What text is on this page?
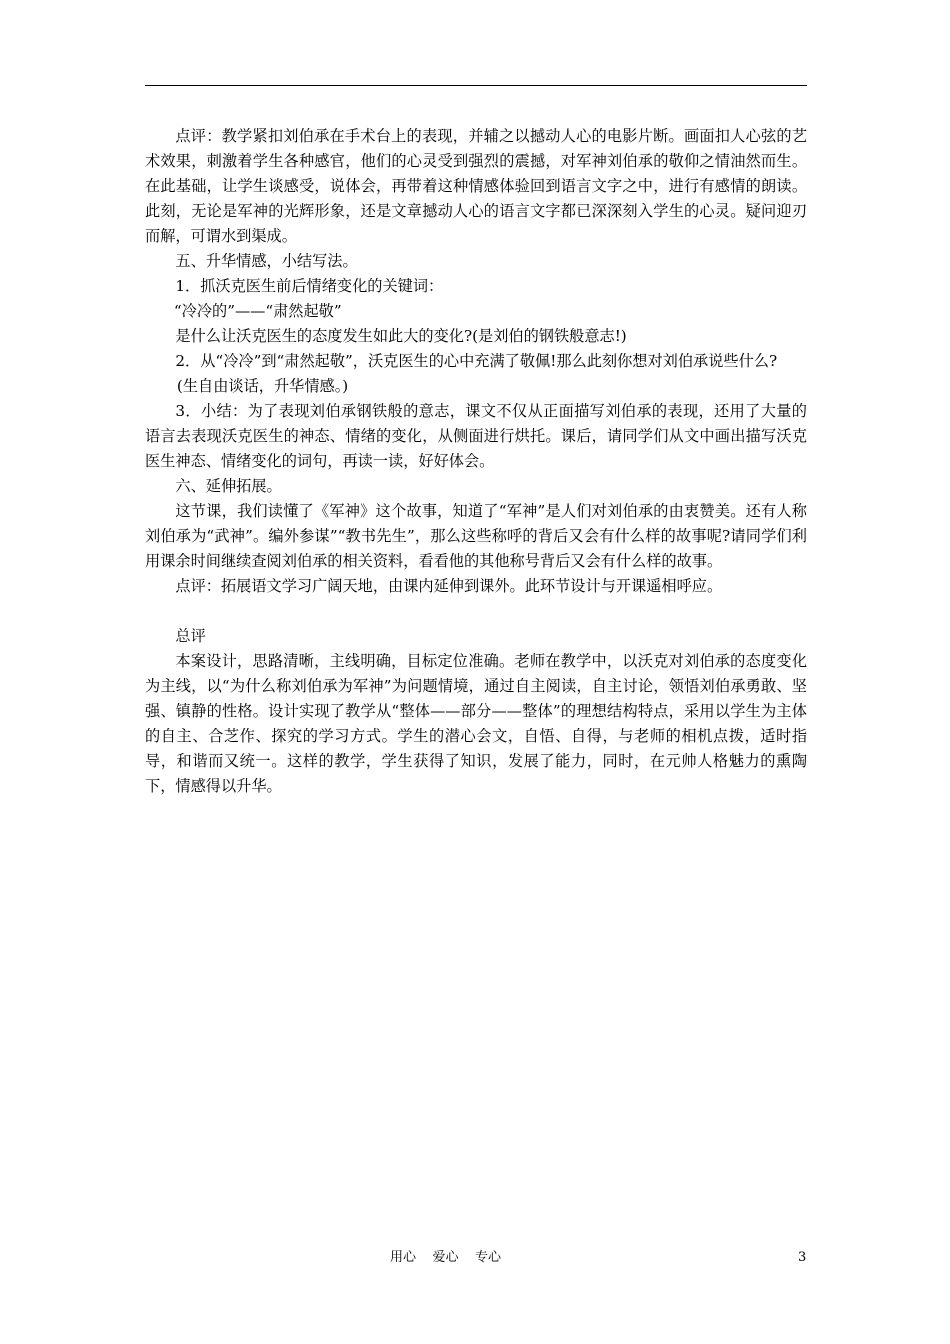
点评：教学紧扣刘伯承在手术台上的表现，并辅之以撼动人心的电影片断。画面扣人心弦的艺术效果，刺激着学生各种感官，他们的心灵受到强烈的震撼，对军神刘伯承的敬仰之情油然而生。在此基础，让学生谈感受，说体会，再带着这种情感体验回到语言文字之中，进行有感情的朗读。此刻，无论是军神的光辉形象，还是文章撼动人心的语言文字都已深深刻入学生的心灵。疑问迎刃而解，可谓水到渠成。

五、升华情感，小结写法。

1．抓沃克医生前后情绪变化的关键词：

“冷冷的”——“肃然起敬”

是什么让沃克医生的态度发生如此大的变化?(是刘伯的钢铁般意志!)

2．从“冷冷”到“肃然起敬”，沃克医生的心中充满了敬佩!那么此刻你想对刘伯承说些什么?

(生自由谈话，升华情感。)

3．小结：为了表现刘伯承钢铁般的意志，课文不仅从正面描写刘伯承的表现，还用了大量的语言去表现沃克医生的神态、情绪的变化，从侧面进行烘托。课后，请同学们从文中画出描写沃克医生神态、情绪变化的词句，再读一读，好好体会。

六、延伸拓展。

这节课，我们读懂了《军神》这个故事，知道了“军神”是人们对刘伯承的由衷赞美。还有人称刘伯承为“武神”。编外参谋”“教书先生”，那么这些称呼的背后又会有什么样的故事呢?请同学们利用课余时间继续查阅刘伯承的相关资料，看看他的其他称号背后又会有什么样的故事。

点评：拓展语文学习广阔天地，由课内延伸到课外。此环节设计与开课遥相呼应。

总评

本案设计，思路清晰，主线明确，目标定位准确。老师在教学中，以沃克对刘伯承的态度变化为主线，以“为什么称刘伯承为军神”为问题情境，通过自主阅读，自主讨论，领悟刘伯承勇敢、坚强、镇静的性格。设计实现了教学从“整体——部分——整体”的理想结构特点，采用以学生为主体的自主、合芝作、探究的学习方式。学生的潜心会文，自悟、自得，与老师的相机点拨，适时指导，和谐而又统一。这样的教学，学生获得了知识，发展了能力，同时，在元帅人格魅力的熏陶下，情感得以升华。

用心    爱心    专心	3
